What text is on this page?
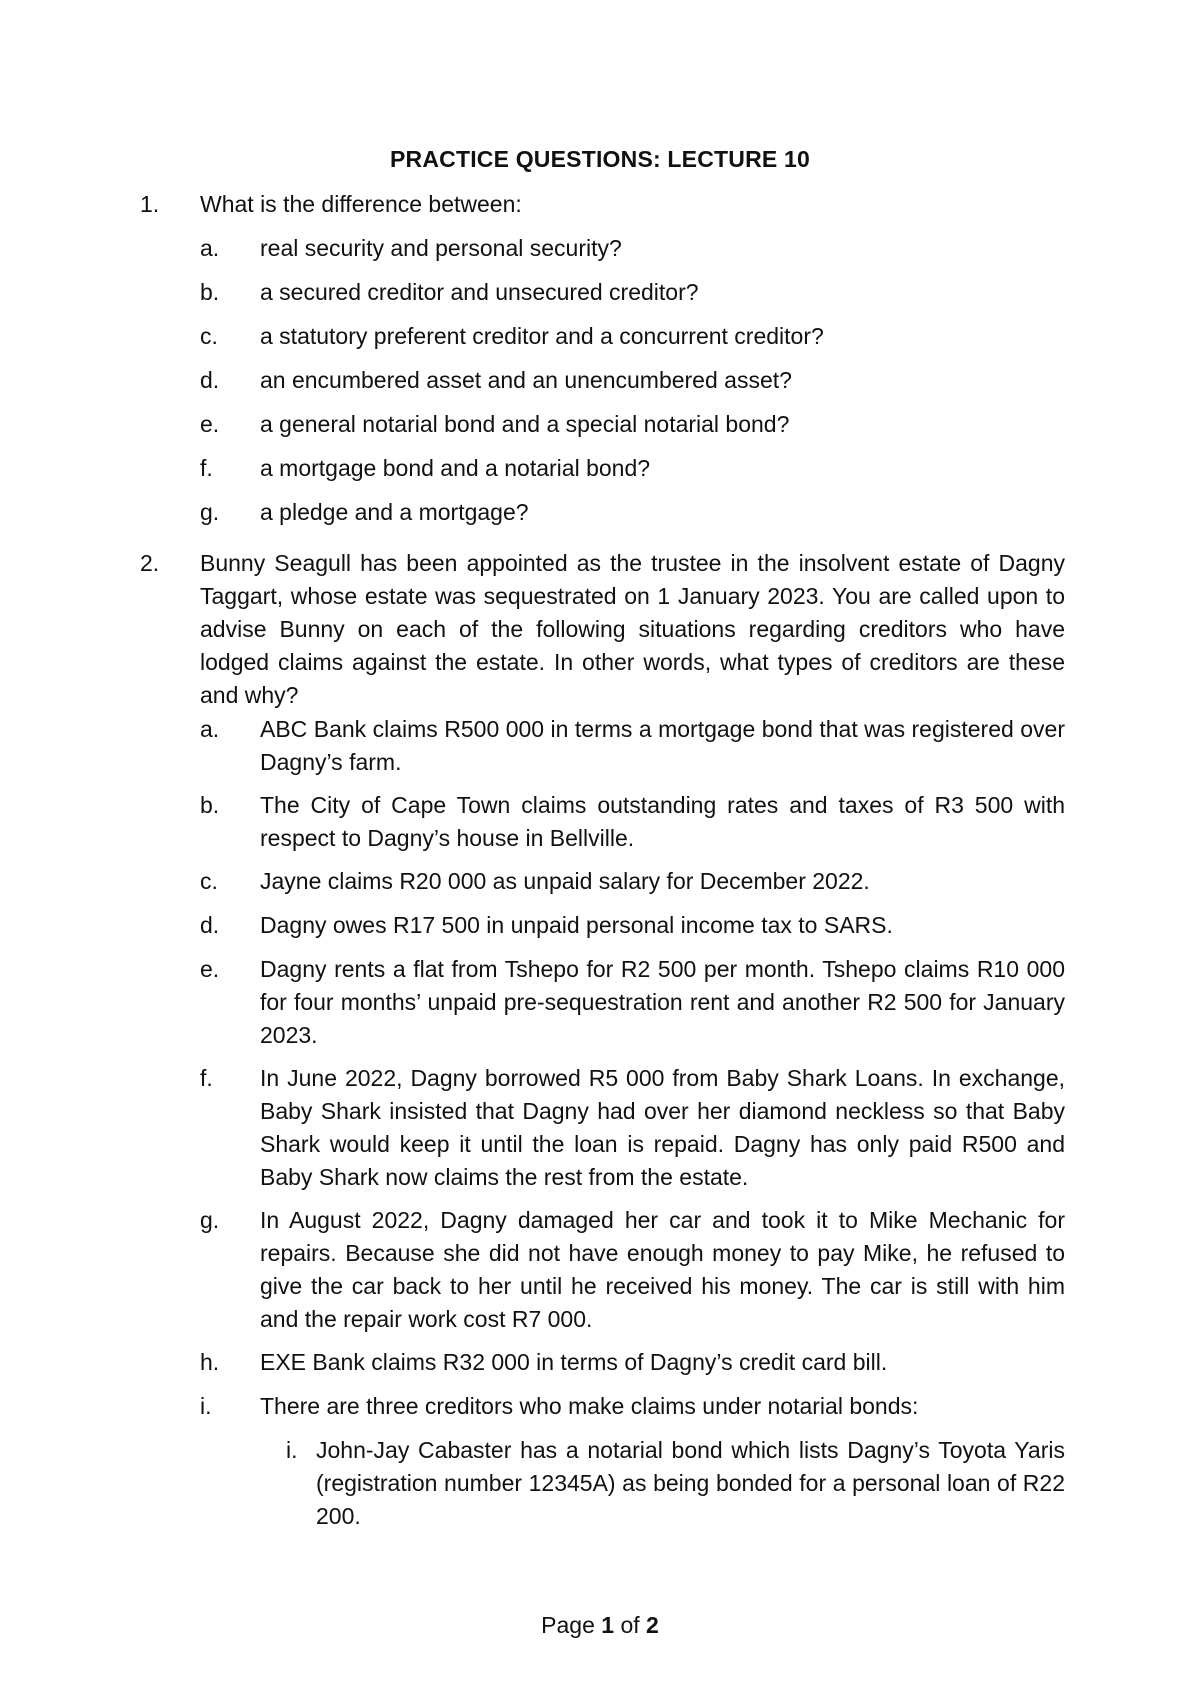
PRACTICE QUESTIONS: LECTURE 10
1. What is the difference between:
a. real security and personal security?
b. a secured creditor and unsecured creditor?
c. a statutory preferent creditor and a concurrent creditor?
d. an encumbered asset and an unencumbered asset?
e. a general notarial bond and a special notarial bond?
f. a mortgage bond and a notarial bond?
g. a pledge and a mortgage?
2. Bunny Seagull has been appointed as the trustee in the insolvent estate of Dagny Taggart, whose estate was sequestrated on 1 January 2023. You are called upon to advise Bunny on each of the following situations regarding creditors who have lodged claims against the estate. In other words, what types of creditors are these and why?
a. ABC Bank claims R500 000 in terms a mortgage bond that was registered over Dagny’s farm.
b. The City of Cape Town claims outstanding rates and taxes of R3 500 with respect to Dagny’s house in Bellville.
c. Jayne claims R20 000 as unpaid salary for December 2022.
d. Dagny owes R17 500 in unpaid personal income tax to SARS.
e. Dagny rents a flat from Tshepo for R2 500 per month. Tshepo claims R10 000 for four months’ unpaid pre-sequestration rent and another R2 500 for January 2023.
f. In June 2022, Dagny borrowed R5 000 from Baby Shark Loans. In exchange, Baby Shark insisted that Dagny had over her diamond neckless so that Baby Shark would keep it until the loan is repaid. Dagny has only paid R500 and Baby Shark now claims the rest from the estate.
g. In August 2022, Dagny damaged her car and took it to Mike Mechanic for repairs. Because she did not have enough money to pay Mike, he refused to give the car back to her until he received his money. The car is still with him and the repair work cost R7 000.
h. EXE Bank claims R32 000 in terms of Dagny’s credit card bill.
i. There are three creditors who make claims under notarial bonds:
i. John-Jay Cabaster has a notarial bond which lists Dagny’s Toyota Yaris (registration number 12345A) as being bonded for a personal loan of R22 200.
Page 1 of 2
